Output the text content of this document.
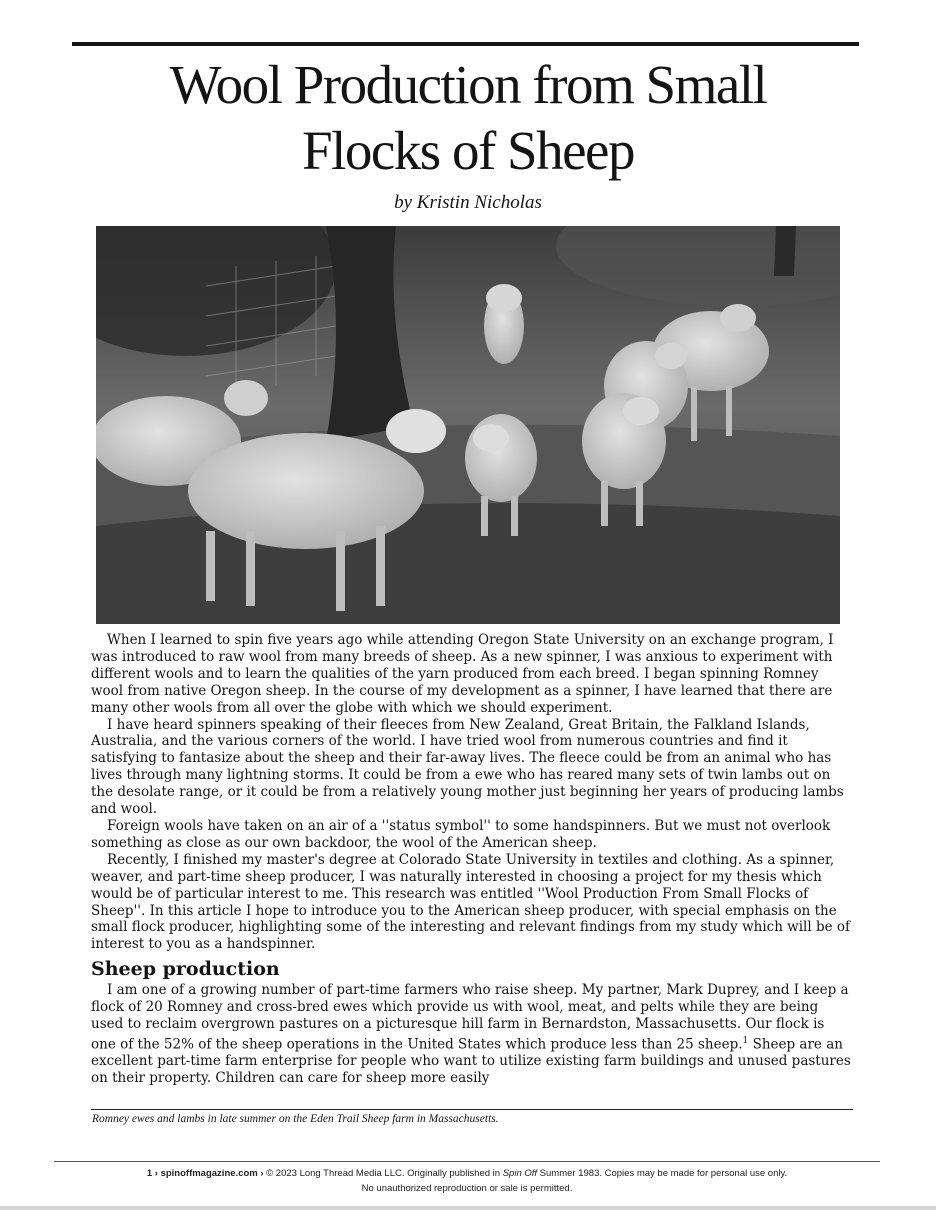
Wool Production from Small
Flocks of Sheep
by Kristin Nicholas

When I learned to spin five years ago while attending Oregon State University on an exchange program, I was introduced to raw wool from many breeds of sheep. As a new spinner, I was anxious to experiment with different wools and to learn the qualities of the yarn produced from each breed. I began spinning Romney wool from native Oregon sheep. In the course of my development as a spinner, I have learned that there are many other wools from all over the globe with which we should experiment.

I have heard spinners speaking of their fleeces from New Zealand, Great Britain, the Falkland Islands, Australia, and the various corners of the world. I have tried wool from numerous countries and find it satisfying to fantasize about the sheep and their far-away lives. The fleece could be from an animal who has lives through many lightning storms. It could be from a ewe who has reared many sets of twin lambs out on the desolate range, or it could be from a relatively young mother just beginning her years of producing lambs and wool.

Foreign wools have taken on an air of a ''status symbol'' to some handspinners. But we must not overlook something as close as our own backdoor, the wool of the American sheep.

Recently, I finished my master's degree at Colorado State University in textiles and clothing. As a spinner, weaver, and part-time sheep producer, I was naturally interested in choosing a project for my thesis which would be of particular interest to me. This research was entitled ''Wool Production From Small Flocks of Sheep''. In this article I hope to introduce you to the American sheep producer, with special emphasis on the small flock producer, highlighting some of the interesting and relevant findings from my study which will be of interest to you as a handspinner.

Sheep production

I am one of a growing number of part-time farmers who raise sheep. My partner, Mark Duprey, and I keep a flock of 20 Romney and cross-bred ewes which provide us with wool, meat, and pelts while they are being used to reclaim overgrown pastures on a picturesque hill farm in Bernardston, Massachusetts. Our flock is one of the 52% of the sheep operations in the United States which produce less than 25 sheep.$^1$ Sheep are an excellent part-time farm enterprise for people who want to utilize existing farm buildings and unused pastures on their property. Children can care for sheep more easily

Romney ewes and lambs in late summer on the Eden Trail Sheep farm in Massachusetts.
1 › spinoffmagazine.com › © 2023 Long Thread Media LLC. Originally published in Spin Off Summer 1983. Copies may be made for personal use only.
No unauthorized reproduction or sale is permitted.
